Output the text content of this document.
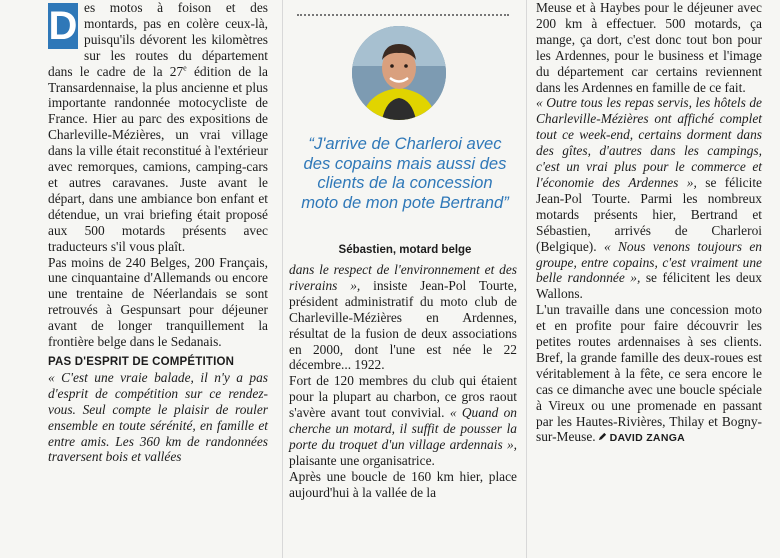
D es motos à foison et des montards, pas en colère ceux-là, puisqu'ils dévorent les kilomètres sur les routes du département dans le cadre de la 27e édition de la Transardennaise, la plus ancienne et plus importante randonnée motocycliste de France. Hier au parc des expositions de Charleville-Mézières, un vrai village dans la ville était reconstitué à l'extérieur avec remorques, camions, camping-cars et autres caravanes. Juste avant le départ, dans une ambiance bon enfant et détendue, un vrai briefing était proposé aux 500 motards présents avec traducteurs s'il vous plaît.

Pas moins de 240 Belges, 200 Français, une cinquantaine d'Allemands ou encore une trentaine de Néerlandais se sont retrouvés à Gespunsart pour déjeuner avant de longer tranquillement la frontière belge dans le Sedanais.

PAS D'ESPRIT DE COMPÉTITION

« C'est une vraie balade, il n'y a pas d'esprit de compétition sur ce rendez-vous. Seul compte le plaisir de rouler ensemble en toute sérénité, en famille et entre amis. Les 360 km de randonnées traversent bois et vallées

“J'arrive de Charleroi avec des copains mais aussi des clients de la concession moto de mon pote Bertrand”
Sébastien, motard belge

dans le respect de l'environnement et des riverains », insiste Jean-Pol Tourte, président administratif du moto club de Charleville-Mézières en Ardennes, résultat de la fusion de deux associations en 2000, dont l'une est née le 22 décembre... 1922.

Fort de 120 membres du club qui étaient pour la plupart au charbon, ce gros raout s'avère avant tout convivial. « Quand on cherche un motard, il suffit de pousser la porte du troquet d'un village ardennais », plaisante une organisatrice.

Après une boucle de 160 km hier, place aujourd'hui à la vallée de la

Meuse et à Haybes pour le déjeuner avec 200 km à effectuer. 500 motards, ça mange, ça dort, c'est donc tout bon pour les Ardennes, pour le business et l'image du département car certains reviennent dans les Ardennes en famille de ce fait.

« Outre tous les repas servis, les hôtels de Charleville-Mézières ont affiché complet tout ce week-end, certains dorment dans des gîtes, d'autres dans les campings, c'est un vrai plus pour le commerce et l'économie des Ardennes », se félicite Jean-Pol Tourte. Parmi les nombreux motards présents hier, Bertrand et Sébastien, arrivés de Charleroi (Belgique). « Nous venons toujours en groupe, entre copains, c'est vraiment une belle randonnée », se félicitent les deux Wallons.

L'un travaille dans une concession moto et en profite pour faire découvrir les petites routes ardennaises à ses clients. Bref, la grande famille des deux-roues est véritablement à la fête, ce sera encore le cas ce dimanche avec une boucle spéciale à Vireux ou une promenade en passant par les Hautes-Rivières, Thilay et Bogny-sur-Meuse. DAVID ZANGA
